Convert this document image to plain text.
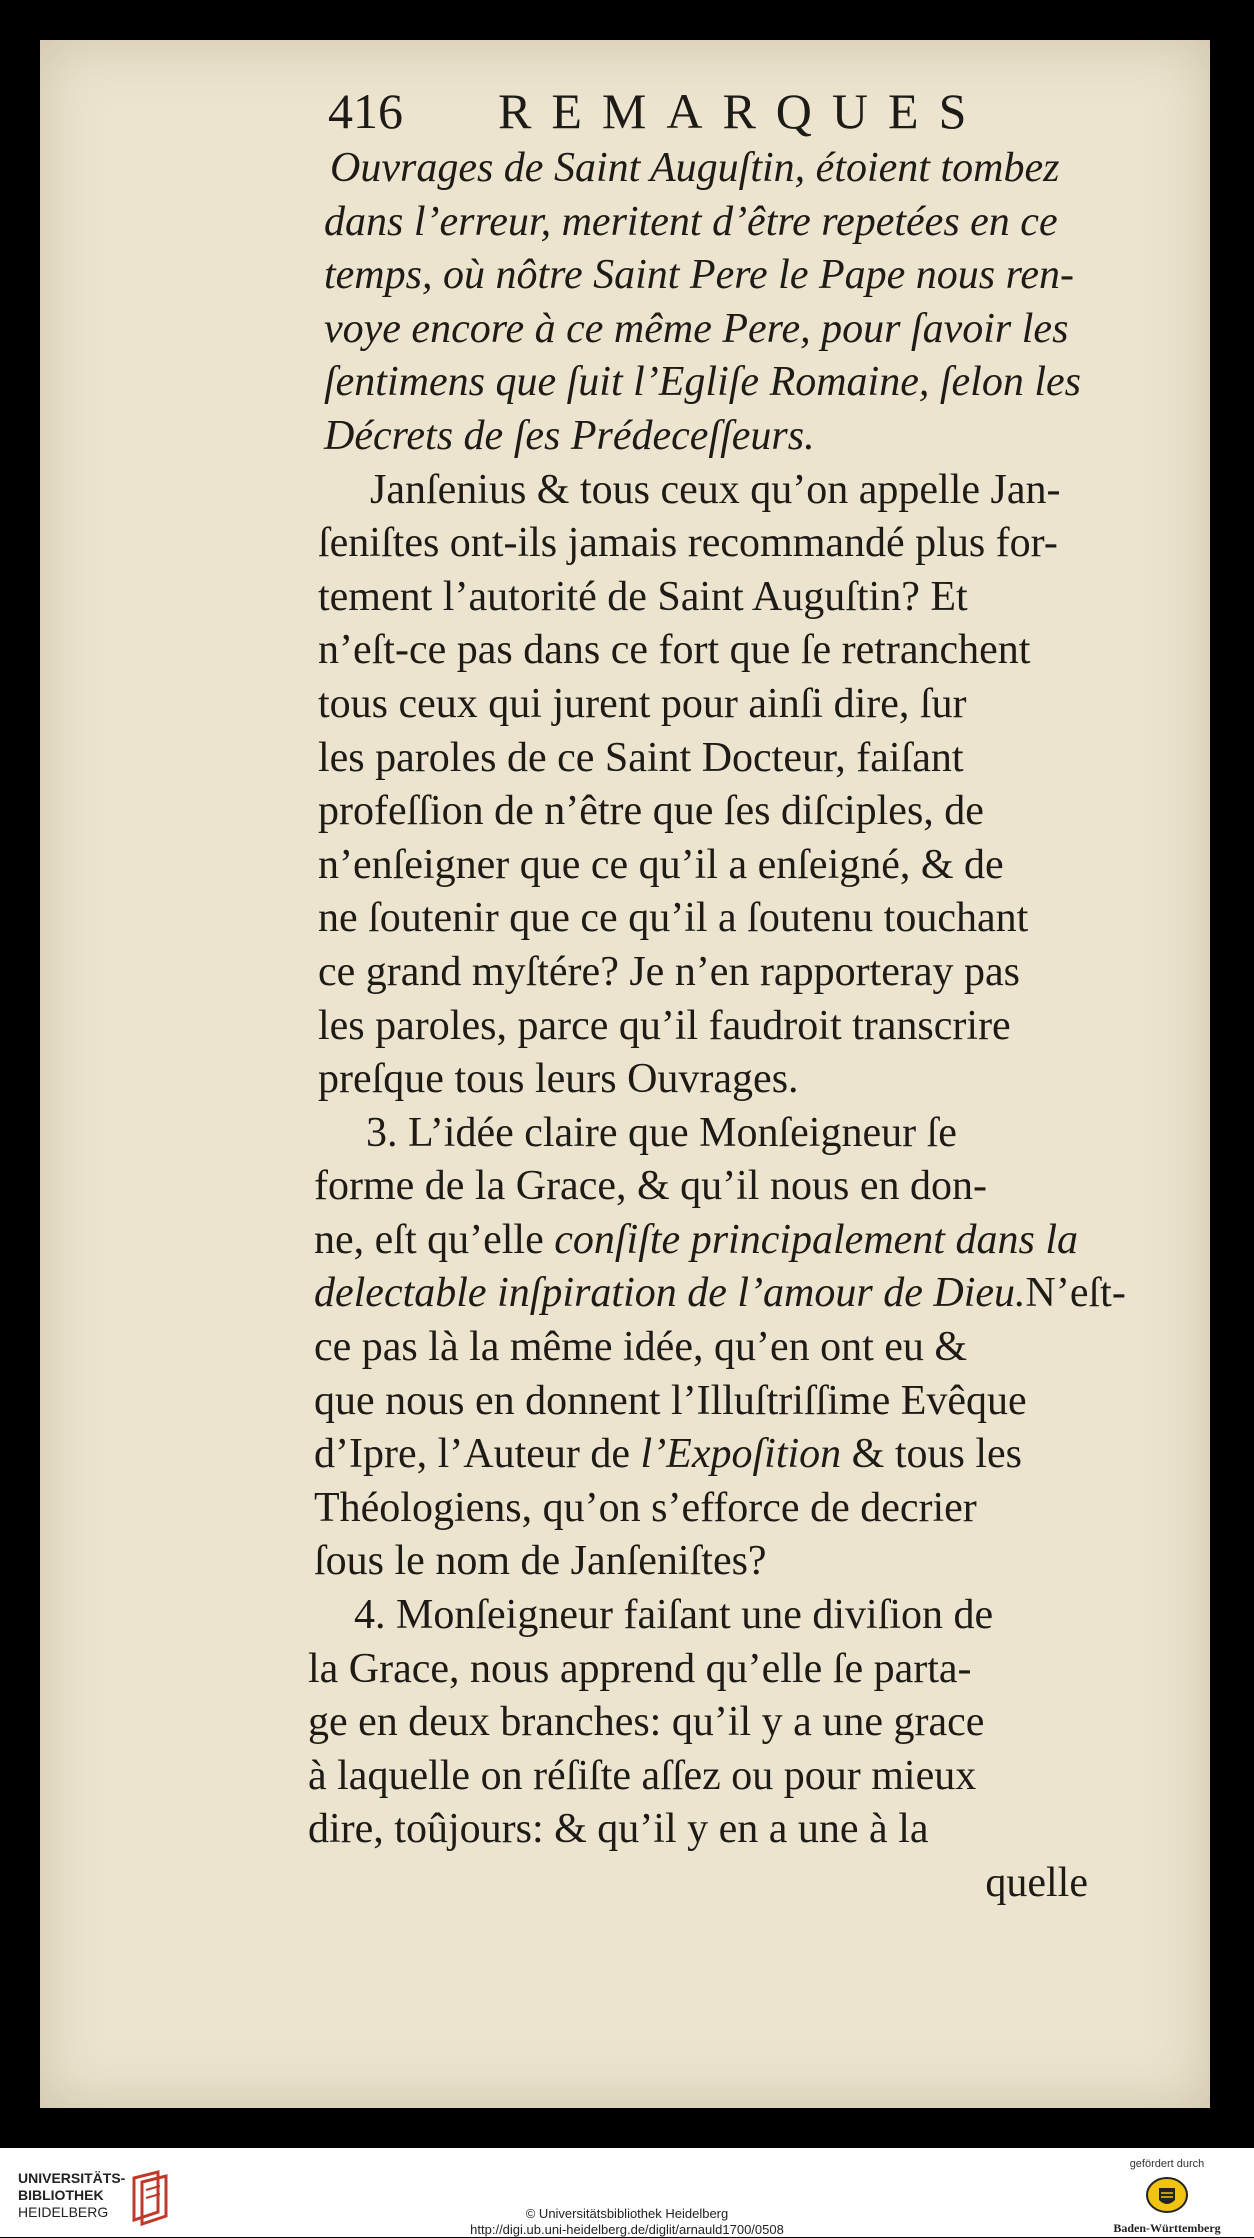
416 REMARQUES
Ouvrages de Saint Auguſtin, étoient tombez
dans l’erreur, meritent d’être repetées en ce
temps, où nôtre Saint Pere le Pape nous ren-
voye encore à ce même Pere, pour ſavoir les
ſentimens que ſuit l’Egliſe Romaine, ſelon les
Décrets de ſes Prédeceſſeurs.
Janſenius & tous ceux qu’on appelle Jan-
ſeniſtes ont-ils jamais recommandé plus for-
tement l’autorité de Saint Auguſtin? Et
n’eſt-ce pas dans ce fort que ſe retranchent
tous ceux qui jurent pour ainſi dire, ſur
les paroles de ce Saint Docteur, faiſant
profeſſion de n’être que ſes diſciples, de
n’enſeigner que ce qu’il a enſeigné, & de
ne ſoutenir que ce qu’il a ſoutenu touchant
ce grand myſtére? Je n’en rapporteray pas
les paroles, parce qu’il faudroit transcrire
preſque tous leurs Ouvrages.
3. L’idée claire que Monſeigneur ſe
forme de la Grace, & qu’il nous en don-
ne, eſt qu’elle conſiſte principalement dans la
delectable inſpiration de l’amour de Dieu.N’eſt-
ce pas là la même idée, qu’en ont eu &
que nous en donnent l’Illuſtriſſime Evêque
d’Ipre, l’Auteur de l’Expoſition & tous les
Théologiens, qu’on s’efforce de decrier
ſous le nom de Janſeniſtes?
4. Monſeigneur faiſant une diviſion de
la Grace, nous apprend qu’elle ſe parta-
ge en deux branches: qu’il y a une grace
à laquelle on réſiſte aſſez ou pour mieux
dire, toûjours: & qu’il y en a une à la
quelle
UNIVERSITÄTS-
BIBLIOTHEK
HEIDELBERG	© Universitätsbibliothek Heidelberg
http://digi.ub.uni-heidelberg.de/diglit/arnauld1700/0508
gefördert durch
Baden-Württemberg
